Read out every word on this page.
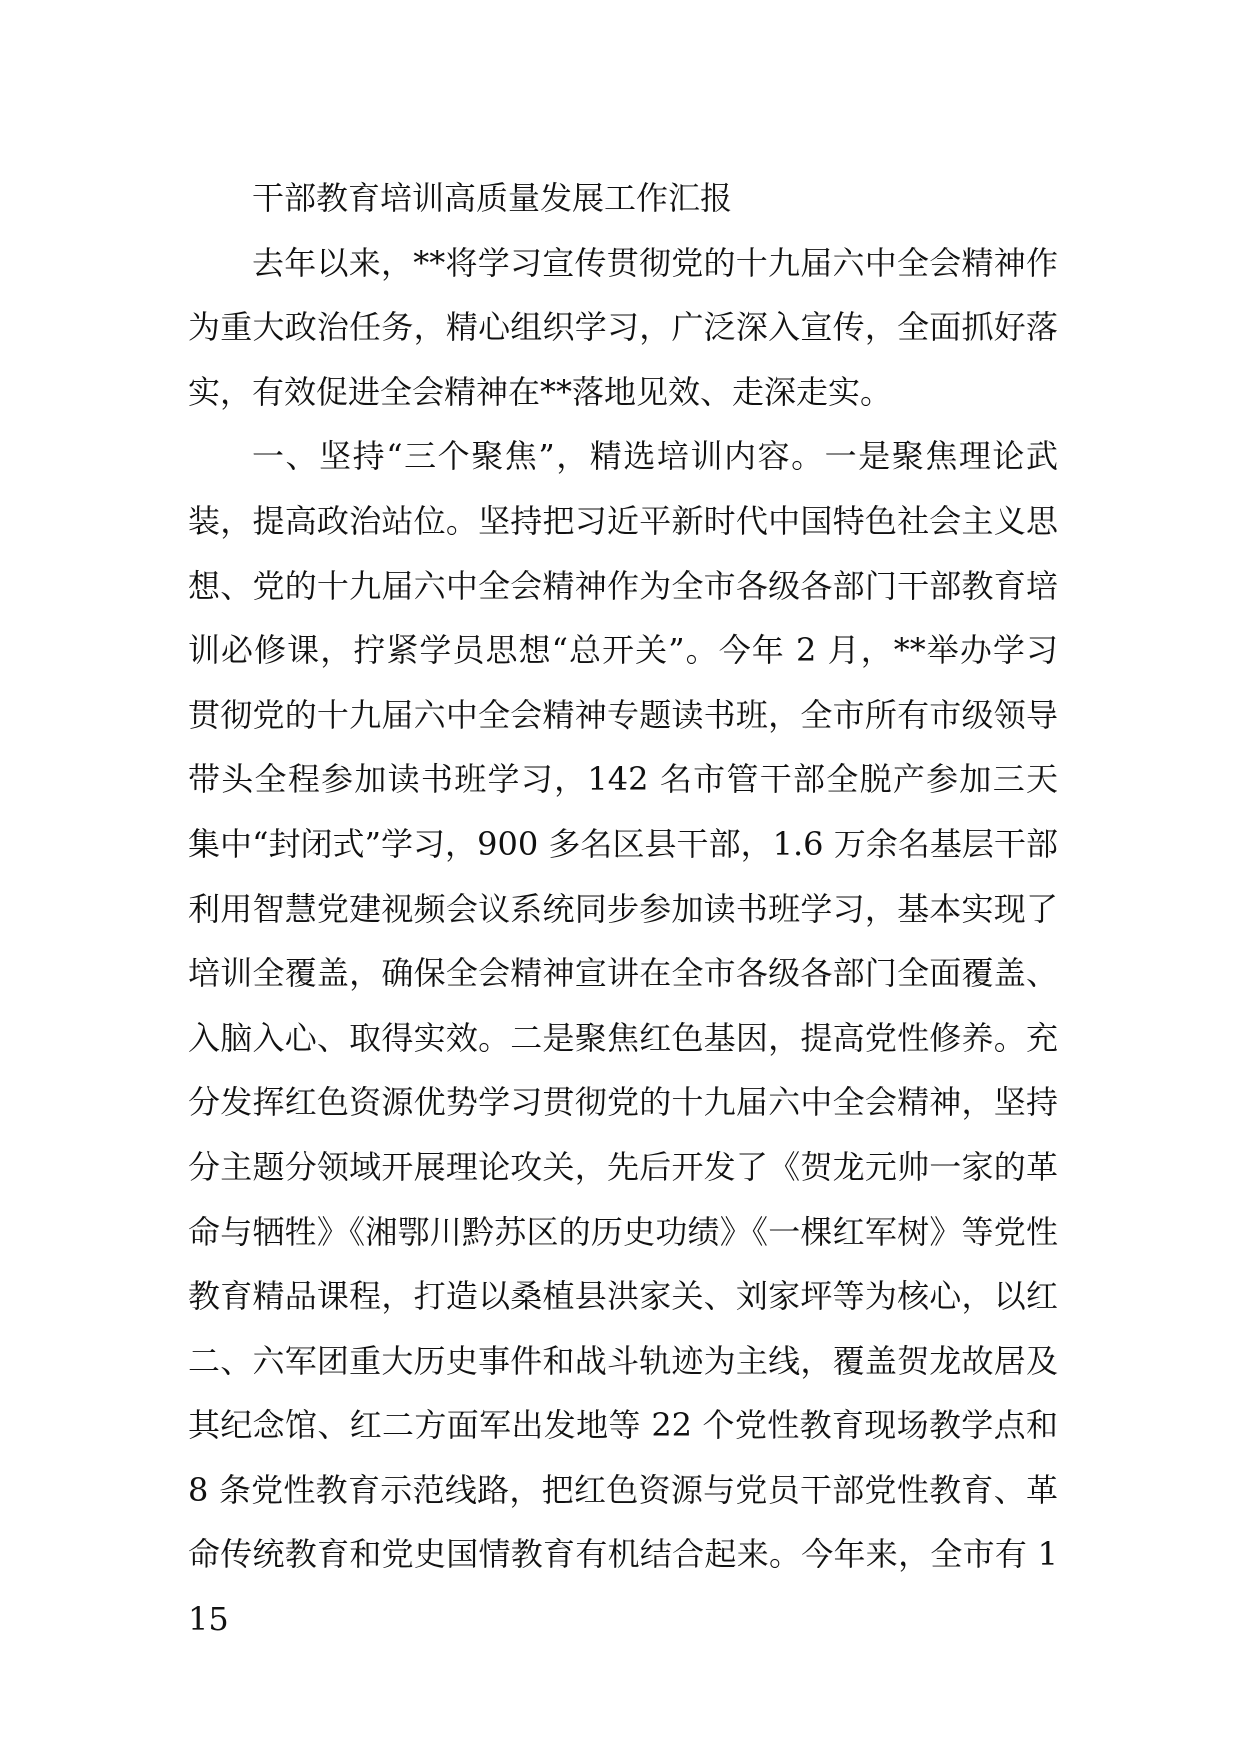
干部教育培训高质量发展工作汇报

去年以来，**将学习宣传贯彻党的十九届六中全会精神作为重大政治任务，精心组织学习，广泛深入宣传，全面抓好落实，有效促进全会精神在**落地见效、走深走实。

一、坚持“三个聚焦”，精选培训内容。一是聚焦理论武装，提高政治站位。坚持把习近平新时代中国特色社会主义思想、党的十九届六中全会精神作为全市各级各部门干部教育培训必修课，拧紧学员思想“总开关”。今年 2 月，**举办学习贯彻党的十九届六中全会精神专题读书班，全市所有市级领导带头全程参加读书班学习，142 名市管干部全脱产参加三天集中“封闭式”学习，900 多名区县干部，1.6 万余名基层干部利用智慧党建视频会议系统同步参加读书班学习，基本实现了培训全覆盖，确保全会精神宣讲在全市各级各部门全面覆盖、入脑入心、取得实效。二是聚焦红色基因，提高党性修养。充分发挥红色资源优势学习贯彻党的十九届六中全会精神，坚持分主题分领域开展理论攻关，先后开发了《贺龙元帅一家的革命与牺牲》《湘鄂川黔苏区的历史功绩》《一棵红军树》等党性教育精品课程，打造以桑植县洪家关、刘家坪等为核心，以红二、六军团重大历史事件和战斗轨迹为主线，覆盖贺龙故居及其纪念馆、红二方面军出发地等 22 个党性教育现场教学点和 8 条党性教育示范线路，把红色资源与党员干部党性教育、革命传统教育和党史国情教育有机结合起来。今年来，全市有 115
